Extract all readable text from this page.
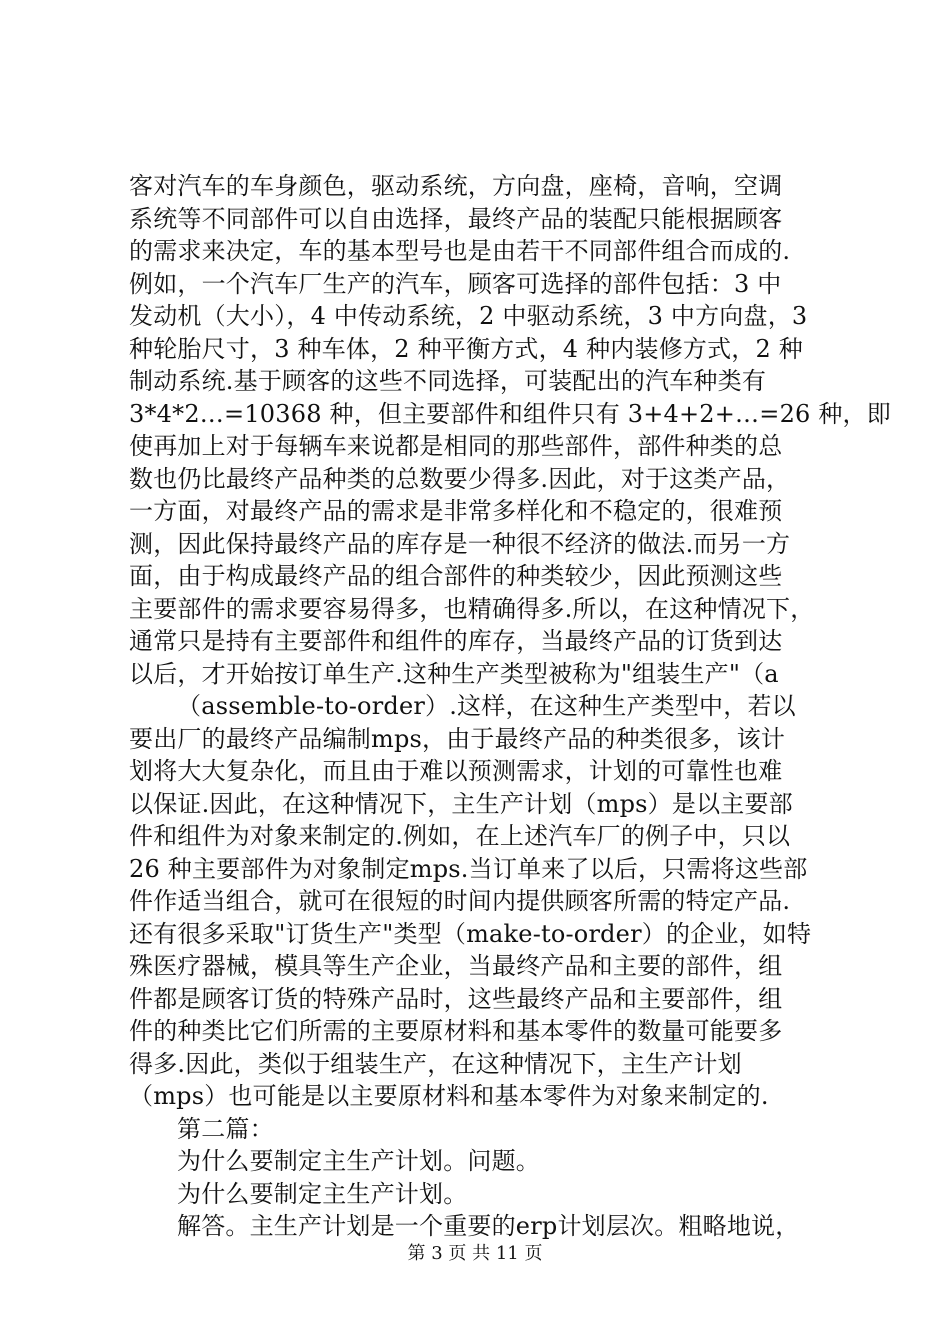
客对汽车的车身颜色，驱动系统，方向盘，座椅，音响，空调
系统等不同部件可以自由选择，最终产品的装配只能根据顾客
的需求来决定，车的基本型号也是由若干不同部件组合而成的.
例如，一个汽车厂生产的汽车，顾客可选择的部件包括：3 中
发动机（大小），4 中传动系统，2 中驱动系统，3 中方向盘，3
种轮胎尺寸，3 种车体，2 种平衡方式，4 种内装修方式，2 种
制动系统.基于顾客的这些不同选择，可装配出的汽车种类有
3*4*2…=10368 种，但主要部件和组件只有 3+4+2+…=26 种，即
使再加上对于每辆车来说都是相同的那些部件，部件种类的总
数也仍比最终产品种类的总数要少得多.因此，对于这类产品，
一方面，对最终产品的需求是非常多样化和不稳定的，很难预
测，因此保持最终产品的库存是一种很不经济的做法.而另一方
面，由于构成最终产品的组合部件的种类较少，因此预测这些
主要部件的需求要容易得多，也精确得多.所以，在这种情况下，
通常只是持有主要部件和组件的库存，当最终产品的订货到达
以后，才开始按订单生产.这种生产类型被称为"组装生产"（a
（assemble-to-order）.这样，在这种生产类型中，若以
要出厂的最终产品编制mps，由于最终产品的种类很多，该计
划将大大复杂化，而且由于难以预测需求，计划的可靠性也难
以保证.因此，在这种情况下，主生产计划（mps）是以主要部
件和组件为对象来制定的.例如，在上述汽车厂的例子中，只以
26 种主要部件为对象制定mps.当订单来了以后，只需将这些部
件作适当组合，就可在很短的时间内提供顾客所需的特定产品.
还有很多采取"订货生产"类型（make-to-order）的企业，如特
殊医疗器械，模具等生产企业，当最终产品和主要的部件，组
件都是顾客订货的特殊产品时，这些最终产品和主要部件，组
件的种类比它们所需的主要原材料和基本零件的数量可能要多
得多.因此，类似于组装生产，在这种情况下，主生产计划
（mps）也可能是以主要原材料和基本零件为对象来制定的.
第二篇：
为什么要制定主生产计划。问题。
为什么要制定主生产计划。
解答。主生产计划是一个重要的erp计划层次。粗略地说，
第 3 页 共 11 页
